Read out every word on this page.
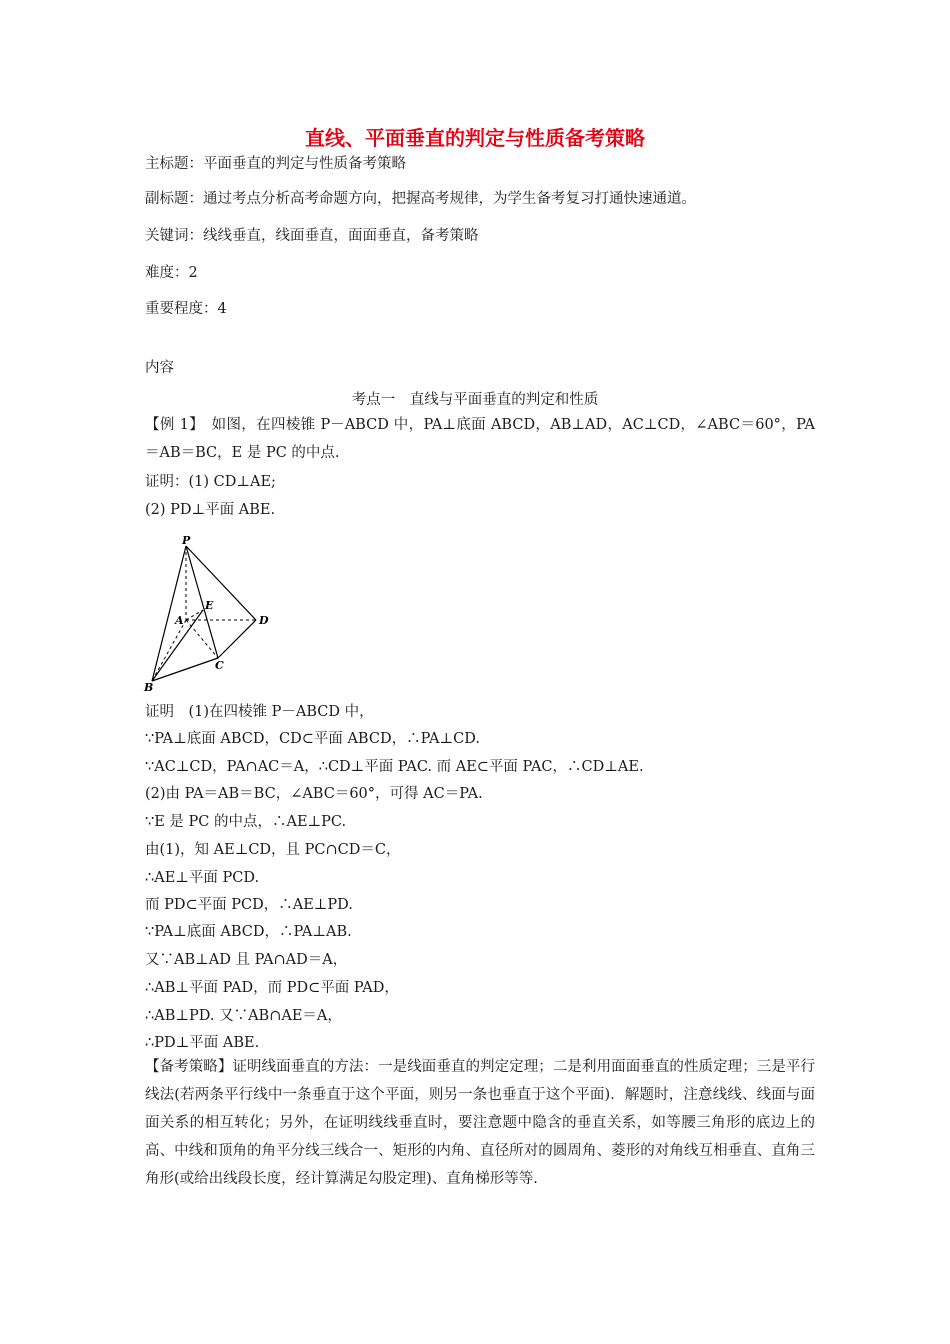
直线、平面垂直的判定与性质备考策略
主标题：平面垂直的判定与性质备考策略
副标题：通过考点分析高考命题方向，把握高考规律，为学生备考复习打通快速通道。
关键词：线线垂直，线面垂直，面面垂直，备考策略
难度：2
重要程度：4
内容
考点一　直线与平面垂直的判定和性质
【例 1】　如图，在四棱锥 P－ABCD 中，PA⊥底面 ABCD，AB⊥AD，AC⊥CD，∠ABC＝60°，PA＝AB＝BC，E 是 PC 的中点.
证明：(1) CD⊥AE;
(2) PD⊥平面 ABE.
P
A
B
C
D
E
证明　(1)在四棱锥 P－ABCD 中，
∵PA⊥底面 ABCD，CD⊂平面 ABCD，∴PA⊥CD.
∵AC⊥CD，PA∩AC＝A，∴CD⊥平面 PAC. 而 AE⊂平面 PAC，∴CD⊥AE.
(2)由 PA＝AB＝BC，∠ABC＝60°，可得 AC＝PA.
∵E 是 PC 的中点，∴AE⊥PC.
由(1)，知 AE⊥CD，且 PC∩CD＝C，
∴AE⊥平面 PCD.
而 PD⊂平面 PCD，∴AE⊥PD.
∵PA⊥底面 ABCD，∴PA⊥AB.
又∵AB⊥AD 且 PA∩AD＝A，
∴AB⊥平面 PAD，而 PD⊂平面 PAD，
∴AB⊥PD. 又∵AB∩AE＝A，
∴PD⊥平面 ABE.
【备考策略】证明线面垂直的方法：一是线面垂直的判定定理；二是利用面面垂直的性质定理；三是平行线法(若两条平行线中一条垂直于这个平面，则另一条也垂直于这个平面)．解题时，注意线线、线面与面面关系的相互转化；另外，在证明线线垂直时，要注意题中隐含的垂直关系，如等腰三角形的底边上的高、中线和顶角的角平分线三线合一、矩形的内角、直径所对的圆周角、菱形的对角线互相垂直、直角三角形(或给出线段长度，经计算满足勾股定理)、直角梯形等等.
